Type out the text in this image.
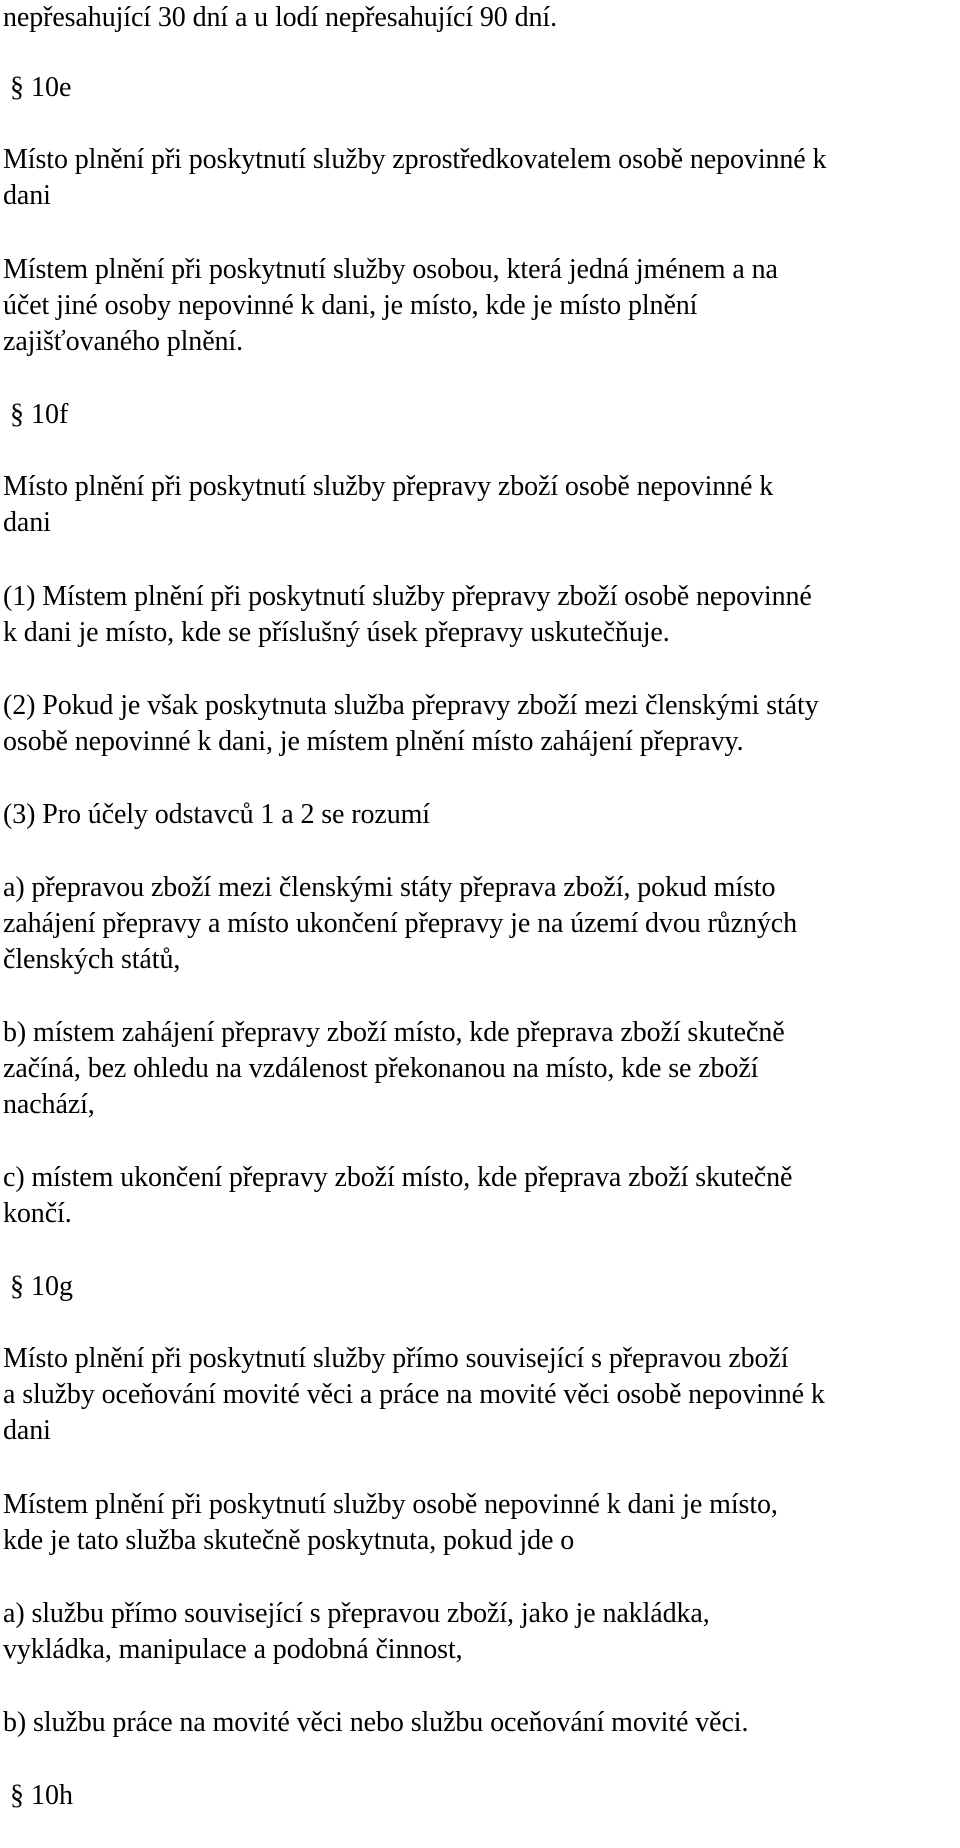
nepřesahující 30 dní a u lodí nepřesahující 90 dní.

§ 10e

Místo plnění při poskytnutí služby zprostředkovatelem osobě nepovinné k

dani

Místem plnění při poskytnutí služby osobou, která jedná jménem a na

účet jiné osoby nepovinné k dani, je místo, kde je místo plnění

zajišťovaného plnění.

§ 10f

Místo plnění při poskytnutí služby přepravy zboží osobě nepovinné k

dani

(1) Místem plnění při poskytnutí služby přepravy zboží osobě nepovinné

k dani je místo, kde se příslušný úsek přepravy uskutečňuje.

(2) Pokud je však poskytnuta služba přepravy zboží mezi členskými státy

osobě nepovinné k dani, je místem plnění místo zahájení přepravy.

(3) Pro účely odstavců 1 a 2 se rozumí

a) přepravou zboží mezi členskými státy přeprava zboží, pokud místo

zahájení přepravy a místo ukončení přepravy je na území dvou různých

členských států,

b) místem zahájení přepravy zboží místo, kde přeprava zboží skutečně

začíná, bez ohledu na vzdálenost překonanou na místo, kde se zboží

nachází,

c) místem ukončení přepravy zboží místo, kde přeprava zboží skutečně

končí.

§ 10g

Místo plnění při poskytnutí služby přímo související s přepravou zboží

a služby oceňování movité věci a práce na movité věci osobě nepovinné k

dani

Místem plnění při poskytnutí služby osobě nepovinné k dani je místo,

kde je tato služba skutečně poskytnuta, pokud jde o

a) službu přímo související s přepravou zboží, jako je nakládka,

vykládka, manipulace a podobná činnost,

b) službu práce na movité věci nebo službu oceňování movité věci.

§ 10h
